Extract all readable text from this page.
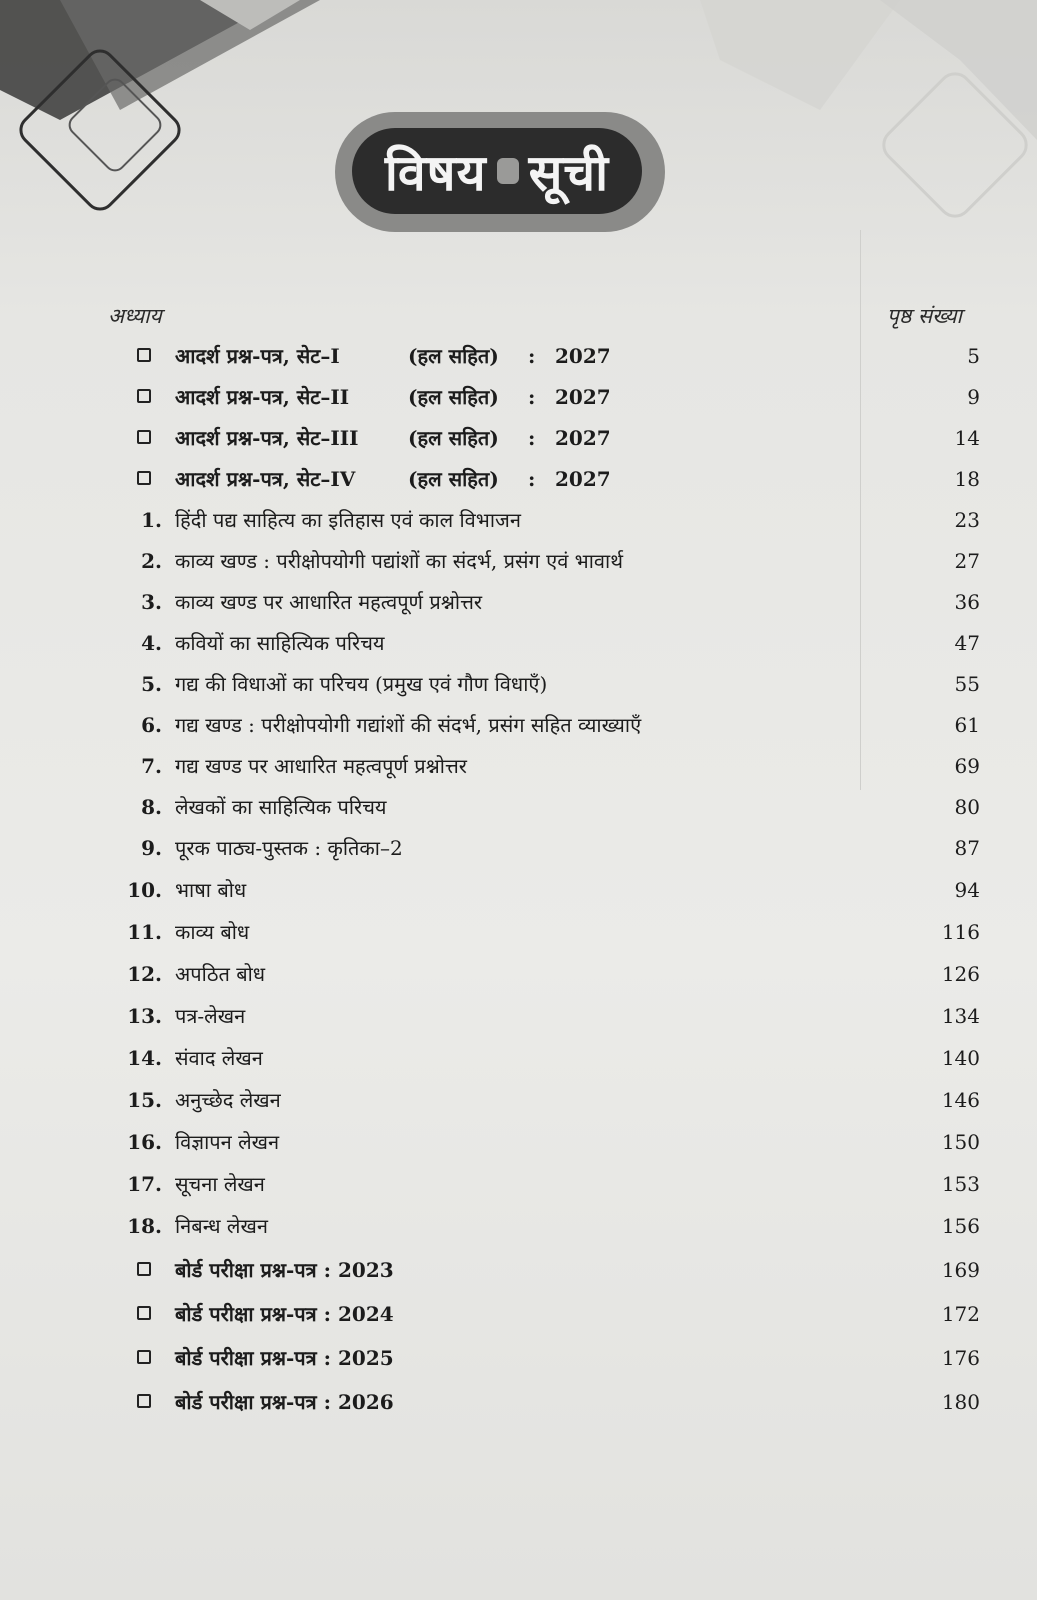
विषय सूची
अध्याय	पृष्ठ संख्या
आदर्श प्रश्न-पत्र, सेट–I	(हल सहित) : 2027	5
आदर्श प्रश्न-पत्र, सेट–II	(हल सहित) : 2027	9
आदर्श प्रश्न-पत्र, सेट–III (हल सहित) : 2027	14
आदर्श प्रश्न-पत्र, सेट–IV	(हल सहित) : 2027	18
1. हिंदी पद्य साहित्य का इतिहास एवं काल विभाजन	23
2. काव्य खण्ड : परीक्षोपयोगी पद्यांशों का संदर्भ, प्रसंग एवं भावार्थ	27
3. काव्य खण्ड पर आधारित महत्वपूर्ण प्रश्नोत्तर	36
4. कवियों का साहित्यिक परिचय	47
5. गद्य की विधाओं का परिचय (प्रमुख एवं गौण विधाएँ)	55
6. गद्य खण्ड : परीक्षोपयोगी गद्यांशों की संदर्भ, प्रसंग सहित व्याख्याएँ	61
7. गद्य खण्ड पर आधारित महत्वपूर्ण प्रश्नोत्तर	69
8. लेखकों का साहित्यिक परिचय	80
9. पूरक पाठ्य-पुस्तक : कृतिका–2	87
10. भाषा बोध	94
11. काव्य बोध	116
12. अपठित बोध	126
13. पत्र-लेखन	134
14. संवाद लेखन	140
15. अनुच्छेद लेखन	146
16. विज्ञापन लेखन	150
17. सूचना लेखन	153
18. निबन्ध लेखन	156
बोर्ड परीक्षा प्रश्न-पत्र : 2023	169
बोर्ड परीक्षा प्रश्न-पत्र : 2024	172
बोर्ड परीक्षा प्रश्न-पत्र : 2025	176
बोर्ड परीक्षा प्रश्न-पत्र : 2026	180
